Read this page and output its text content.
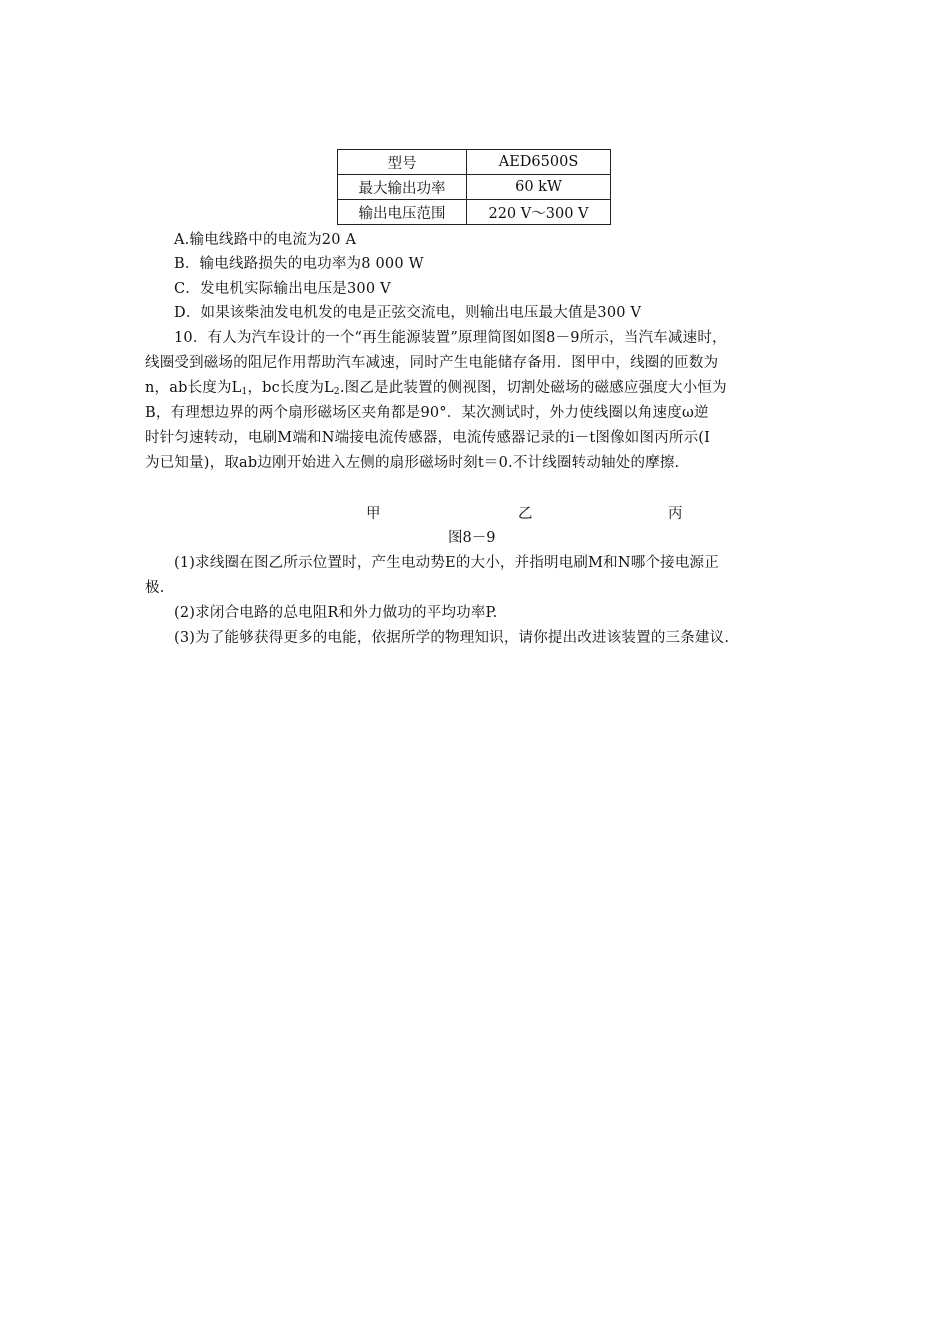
型号	AED6500S
最大输出功率	60 kW
输出电压范围	220 V～300 V
A.输电线路中的电流为20 A
B．输电线路损失的电功率为8 000 W
C．发电机实际输出电压是300 V
D．如果该柴油发电机发的电是正弦交流电，则输出电压最大值是300 V
10．有人为汽车设计的一个“再生能源装置”原理简图如图8－9所示，当汽车减速时，
线圈受到磁场的阻尼作用帮助汽车减速，同时产生电能储存备用．图甲中，线圈的匝数为
n，ab长度为$L_1$，bc长度为$L_2$.图乙是此装置的侧视图，切割处磁场的磁感应强度大小恒为
B，有理想边界的两个扇形磁场区夹角都是90°．某次测试时，外力使线圈以角速度ω逆
时针匀速转动，电刷M端和N端接电流传感器，电流传感器记录的i－t图像如图丙所示(I
为已知量)，取ab边刚开始进入左侧的扇形磁场时刻t＝0.不计线圈转动轴处的摩擦.
甲	乙	丙
图8－9
(1)求线圈在图乙所示位置时，产生电动势E的大小，并指明电刷M和N哪个接电源正
极.
(2)求闭合电路的总电阻R和外力做功的平均功率P.
(3)为了能够获得更多的电能，依据所学的物理知识，请你提出改进该装置的三条建议.
